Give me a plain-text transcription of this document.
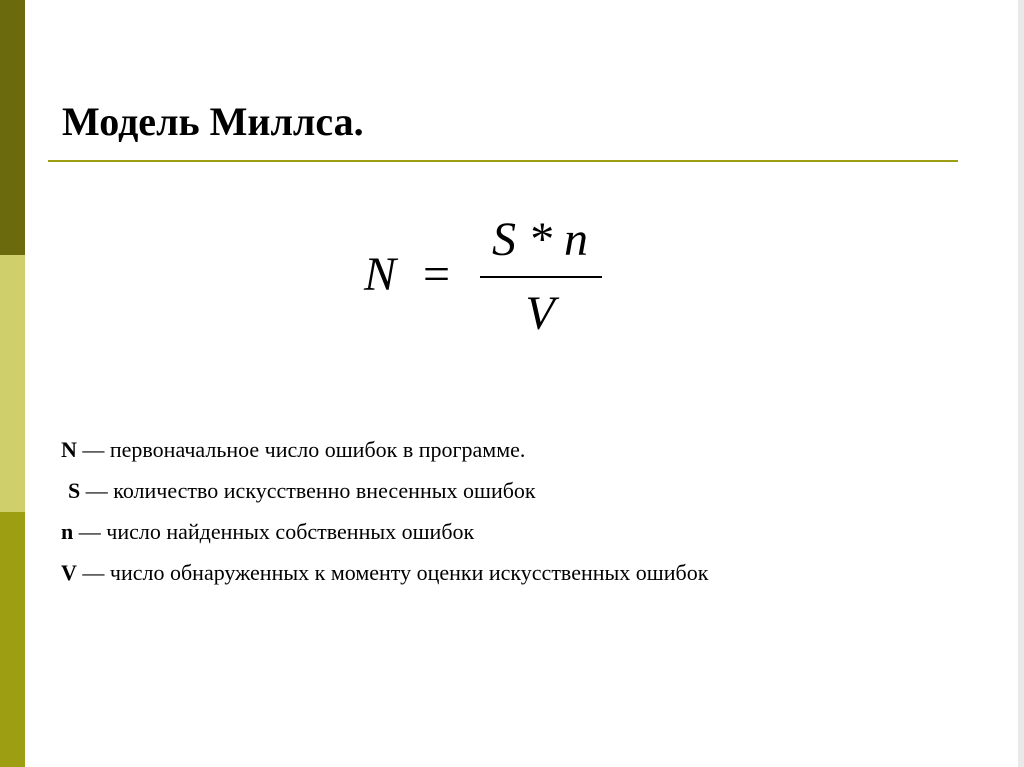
Модель Миллса.
N =
S * n
V
N — первоначальное число ошибок в программе.
S — количество искусственно внесенных ошибок
n — число найденных собственных ошибок
V — число обнаруженных к моменту оценки искусственных ошибок
